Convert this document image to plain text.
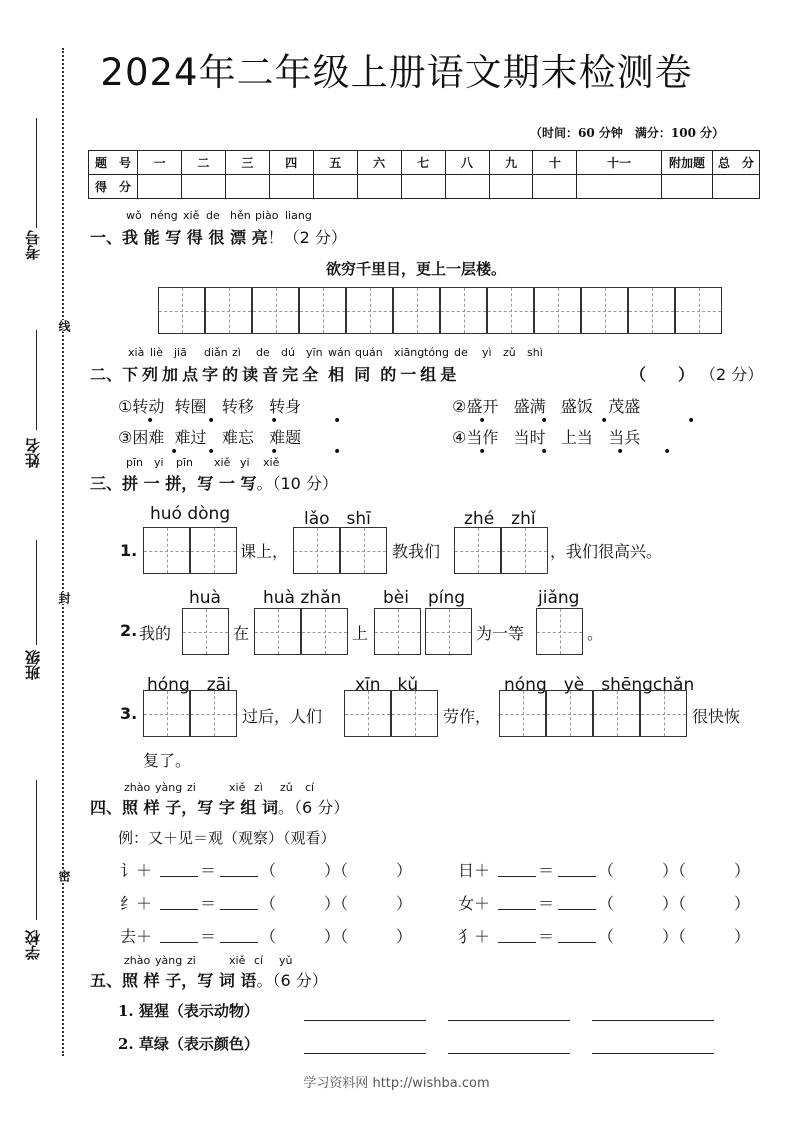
2024年二年级上册语文期末检测卷
考号
姓名
班级
学校
线
封
密
（时间：60 分钟　满分：100 分）
题　号	一	二	三	四	五	六	七	八	九	十	十一	附加题	总　分
得　分													
wǒ néng xiě de hěn piào liang
一、我 能 写 得 很 漂 亮！（2 分）
欲穷千里目，更上一层楼。
xià liè jiā diǎn zì de dú yīn wán quán xiāng tóng de yì zǔ shì
二、下 列 加 点 字 的 读 音 完 全 相 同 的 一 组 是	（　　） （2 分）
①转动 转圈 转移 转身	②盛开 盛满 盛饭 茂盛
③困难 难过 难忘 难题	④当作 当时 上当 当兵
•	•	•	•	•	•	•	•
• •	•	•	•	•	•	•
pīn yi pīn xiě yi xiě
三、拼 一 拼，写 一 写。（10 分）
1.
huó dòng	lǎo　shī	zhé　zhǐ
课上，	教我们	，我们很高兴。
2. 我的
huà
在
huà zhǎn
上
bèi píng
为一等
jiǎng
。
3.
hóng　zāi
过后，人们
xīn　kǔ
劳作，
nóng　yè　shēngchǎn
很快恢
复了。
zhào yàng zi	xiě zì zǔ cí
四、照 样 子，写 字 组 词。（6 分）
例：又＋见＝观（观察）（观看）
讠＋	＝	（　　　）（　　　）	日＋	＝	（　　　）（　　　）
纟＋	＝	（　　　）（　　　）	女＋	＝	（　　　）（　　　）
去＋	＝	（　　　）（　　　）	犭＋	＝	（　　　）（　　　）
zhào yàng zi	xiě cí yǔ
五、照 样 子，写 词 语。（6 分）
1. 猩猩（表示动物）
2. 草绿（表示颜色）
学习资料网 http://wishba.com
